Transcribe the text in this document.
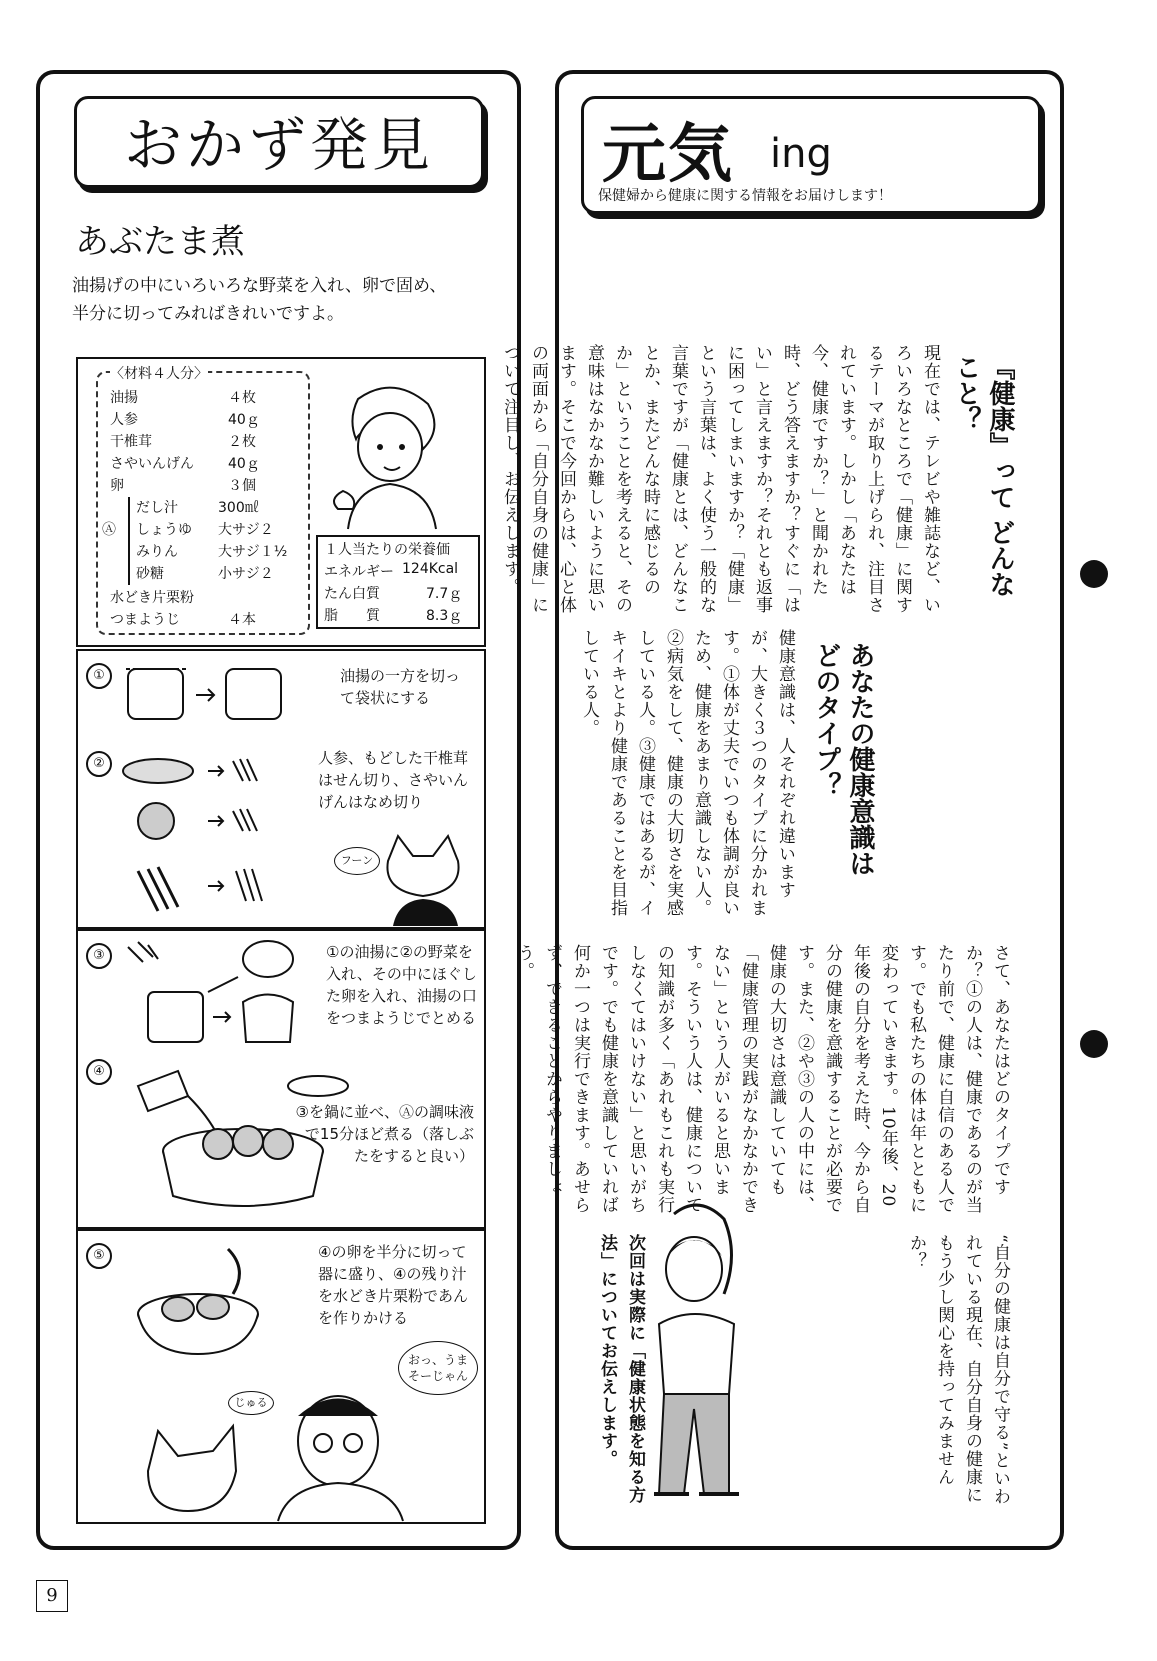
おかず発見
あぶたま煮
油揚げの中にいろいろな野菜を入れ、卵で固め、半分に切ってみればきれいですよ。
〈材料４人分〉
油揚	４枚
人参	40ｇ
干椎茸	２枚
さやいんげん 40ｇ
卵	３個
Ⓐ
だし汁	300㎖
しょうゆ 大サジ２
みりん	大サジ１½
砂糖	小サジ２
水どき片栗粉
つまようじ	４本
１人当たりの栄養価
エネルギー 124Kcal
たん白質	7.7ｇ
脂　　質	8.3ｇ
①	油揚の一方を切って袋状にする
②	人参、もどした干椎茸はせん切り、さやいんげんはなめ切り
フーン
③	①の油揚に②の野菜を入れ、その中にほぐした卵を入れ、油揚の口をつまようじでとめる
④
③を鍋に並べ、Ⓐの調味液で15分ほど煮る（落しぶたをすると良い）
⑤	④の卵を半分に切って器に盛り、④の残り汁を水どき片栗粉であんを作りかける
おっ、うまそーじゃん
じゅる
元気 ing
保健婦から健康に関する情報をお届けします！
『健康』って どんなこと？
現在では、テレビや雑誌など、いろいろなところで「健康」に関するテーマが取り上げられ、注目されています。しかし「あなたは今、健康ですか？」と聞かれた時、どう答えますか？すぐに「はい」と言えますか？それとも返事に困ってしまいますか？「健康」という言葉は、よく使う一般的な言葉ですが「健康とは、どんなことか、またどんな時に感じるのか」ということを考えると、その意味はなかなか難しいように思います。そこで今回からは、心と体の両面から「自分自身の健康」について注目し、お伝えします。
あなたの健康意識は どのタイプ？
健康意識は、人それぞれ違いますが、大きく３つのタイプに分かれます。①体が丈夫でいつも体調が良いため、健康をあまり意識しない人。②病気をして、健康の大切さを実感している人。③健康ではあるが、イキイキとより健康であることを目指している人。
さて、あなたはどのタイプですか？①の人は、健康であるのが当たり前で、健康に自信のある人です。でも私たちの体は年とともに変わっていきます。10年後、20年後の自分を考えた時、今から自分の健康を意識することが必要です。また、②や③の人の中には、健康の大切さは意識していても「健康管理の実践がなかなかできない」という人がいると思います。そういう人は、健康についての知識が多く「あれもこれも実行しなくてはいけない」と思いがちです。でも健康を意識していれば何か一つは実行できます。あせらず、できることからやりましょう。
“自分の健康は自分で守る”といわれている現在、自分自身の健康にもう少し関心を持ってみませんか？
次回は実際に「健康状態を知る方法」についてお伝えします。
9
